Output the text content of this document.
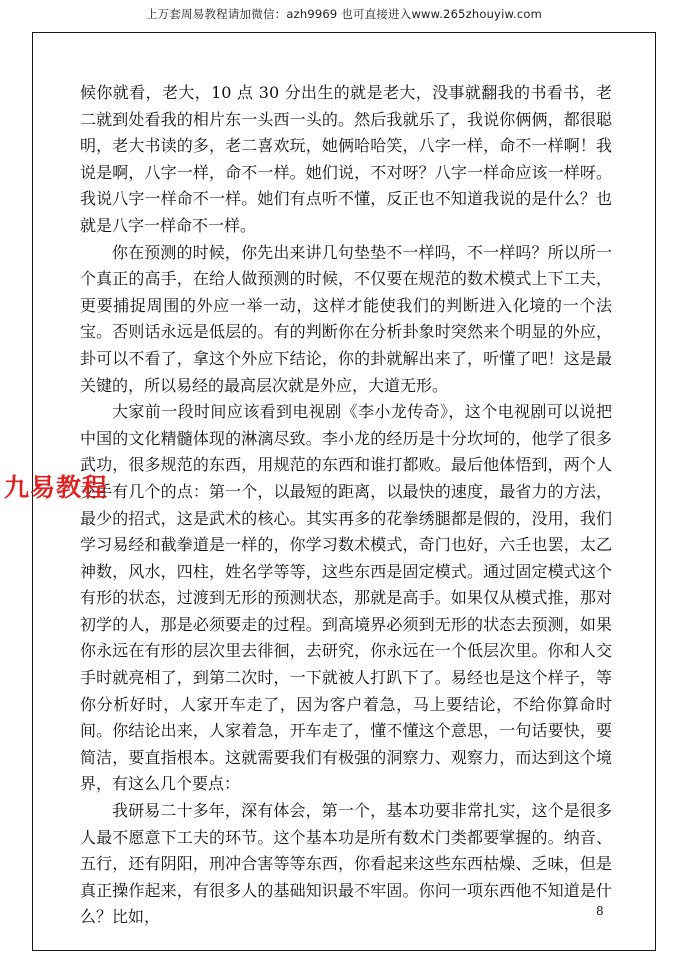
上万套周易教程请加微信：azh9969 也可直接进入www.265zhouyiw.com

候你就看，老大，10 点 30 分出生的就是老大，没事就翻我的书看书，老二就到处看我的相片东一头西一头的。然后我就乐了，我说你俩俩，都很聪明，老大书读的多，老二喜欢玩，她俩哈哈笑，八字一样，命不一样啊！我说是啊，八字一样，命不一样。她们说，不对呀？八字一样命应该一样呀。我说八字一样命不一样。她们有点听不懂，反正也不知道我说的是什么？也就是八字一样命不一样。

你在预测的时候，你先出来讲几句垫垫不一样吗，不一样吗？所以所一个真正的高手，在给人做预测的时候，不仅要在规范的数术模式上下工夫，更要捕捉周围的外应一举一动，这样才能使我们的判断进入化境的一个法宝。否则话永远是低层的。有的判断你在分析卦象时突然来个明显的外应，卦可以不看了，拿这个外应下结论，你的卦就解出来了，听懂了吧！这是最关键的，所以易经的最高层次就是外应，大道无形。

大家前一段时间应该看到电视剧《李小龙传奇》，这个电视剧可以说把中国的文化精髓体现的淋漓尽致。李小龙的经历是十分坎坷的，他学了很多武功，很多规范的东西，用规范的东西和谁打都败。最后他体悟到，两个人交手有几个的点：第一个，以最短的距离，以最快的速度，最省力的方法，最少的招式，这是武术的核心。其实再多的花拳绣腿都是假的，没用，我们学习易经和截拳道是一样的，你学习数术模式，奇门也好，六壬也罢，太乙神数，风水，四柱，姓名学等等，这些东西是固定模式。通过固定模式这个有形的状态，过渡到无形的预测状态，那就是高手。如果仅从模式推，那对初学的人，那是必须要走的过程。到高境界必须到无形的状态去预测，如果你永远在有形的层次里去徘徊，去研究，你永远在一个低层次里。你和人交手时就亮相了，到第二次时，一下就被人打趴下了。易经也是这个样子，等你分析好时，人家开车走了，因为客户着急，马上要结论，不给你算命时间。你结论出来，人家着急，开车走了，懂不懂这个意思，一句话要快，要简洁，要直指根本。这就需要我们有极强的洞察力、观察力，而达到这个境界，有这么几个要点：

我研易二十多年，深有体会，第一个，基本功要非常扎实，这个是很多人最不愿意下工夫的环节。这个基本功是所有数术门类都要掌握的。纳音、五行，还有阴阳，刑冲合害等等东西，你看起来这些东西枯燥、乏味，但是真正操作起来，有很多人的基础知识最不牢固。你问一项东西他不知道是什么？比如，

九易教程
8
